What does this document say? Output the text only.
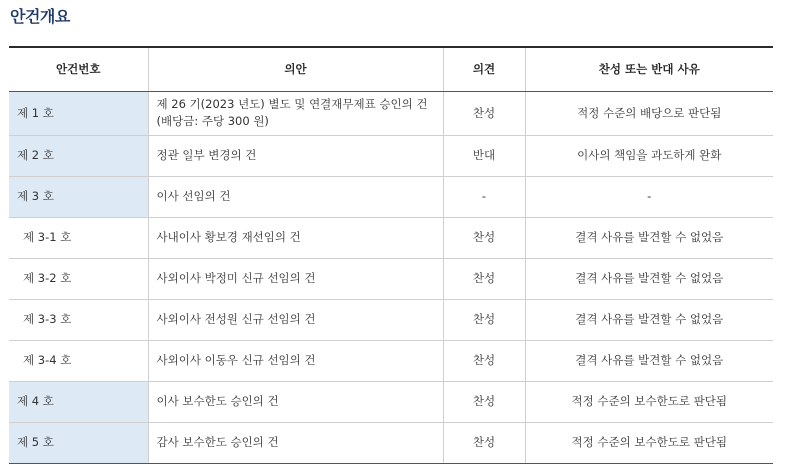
안건개요
안건번호	의안	의견	찬성 또는 반대 사유
제 1 호	제 26 기(2023 년도) 별도 및 연결재무제표 승인의 건(배당금: 주당 300 원)	찬성	적정 수준의 배당으로 판단됨
제 2 호	정관 일부 변경의 건	반대	이사의 책임을 과도하게 완화
제 3 호	이사 선임의 건	-	-
제 3-1 호	사내이사 황보경 재선임의 건	찬성	결격 사유를 발견할 수 없었음
제 3-2 호	사외이사 박정미 신규 선임의 건	찬성	결격 사유를 발견할 수 없었음
제 3-3 호	사외이사 전성원 신규 선임의 건	찬성	결격 사유를 발견할 수 없었음
제 3-4 호	사외이사 이동우 신규 선임의 건	찬성	결격 사유를 발견할 수 없었음
제 4 호	이사 보수한도 승인의 건	찬성	적정 수준의 보수한도로 판단됨
제 5 호	감사 보수한도 승인의 건	찬성	적정 수준의 보수한도로 판단됨
